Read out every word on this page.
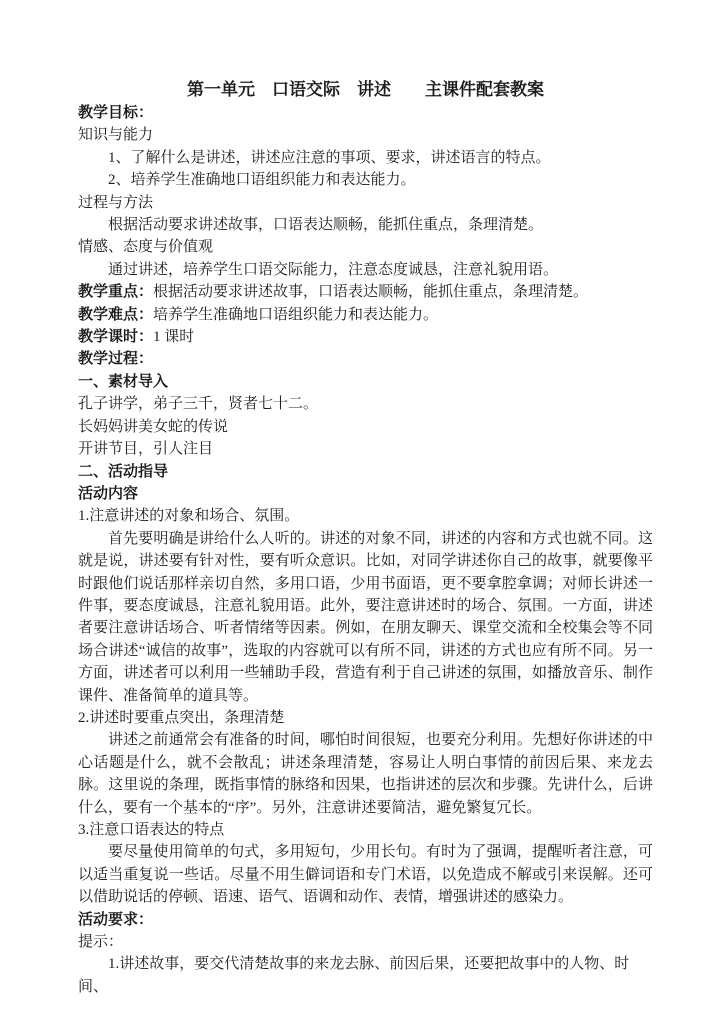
第一单元　口语交际　讲述　　主课件配套教案

教学目标：

知识与能力

1、了解什么是讲述，讲述应注意的事项、要求，讲述语言的特点。

2、培养学生准确地口语组织能力和表达能力。

过程与方法

根据活动要求讲述故事，口语表达顺畅，能抓住重点，条理清楚。

情感、态度与价值观

通过讲述，培养学生口语交际能力，注意态度诚恳，注意礼貌用语。

教学重点：根据活动要求讲述故事，口语表达顺畅，能抓住重点，条理清楚。

教学难点：培养学生准确地口语组织能力和表达能力。

教学课时：1 课时

教学过程：

一、素材导入

孔子讲学，弟子三千，贤者七十二。

长妈妈讲美女蛇的传说

开讲节目，引人注目

二、活动指导

活动内容

1.注意讲述的对象和场合、氛围。

首先要明确是讲给什么人听的。讲述的对象不同，讲述的内容和方式也就不同。这就是说，讲述要有针对性，要有听众意识。比如，对同学讲述你自己的故事，就要像平时跟他们说话那样亲切自然，多用口语，少用书面语，更不要拿腔拿调；对师长讲述一件事，要态度诚恳，注意礼貌用语。此外，要注意讲述时的场合、氛围。一方面，讲述者要注意讲话场合、听者情绪等因素。例如，在朋友聊天、课堂交流和全校集会等不同场合讲述“诚信的故事”，选取的内容就可以有所不同，讲述的方式也应有所不同。另一方面，讲述者可以利用一些辅助手段，营造有利于自己讲述的氛围，如播放音乐、制作课件、准备简单的道具等。

2.讲述时要重点突出，条理清楚

讲述之前通常会有准备的时间，哪怕时间很短，也要充分利用。先想好你讲述的中心话题是什么，就不会散乱；讲述条理清楚，容易让人明白事情的前因后果、来龙去脉。这里说的条理，既指事情的脉络和因果，也指讲述的层次和步骤。先讲什么，后讲什么，要有一个基本的“序”。另外，注意讲述要简洁，避免繁复冗长。

3.注意口语表达的特点

要尽量使用简单的句式，多用短句，少用长句。有时为了强调，提醒听者注意，可以适当重复说一些话。尽量不用生僻词语和专门术语，以免造成不解或引来误解。还可以借助说话的停顿、语速、语气、语调和动作、表情，增强讲述的感染力。

活动要求：

提示：

1.讲述故事，要交代清楚故事的来龙去脉、前因后果，还要把故事中的人物、时间、
